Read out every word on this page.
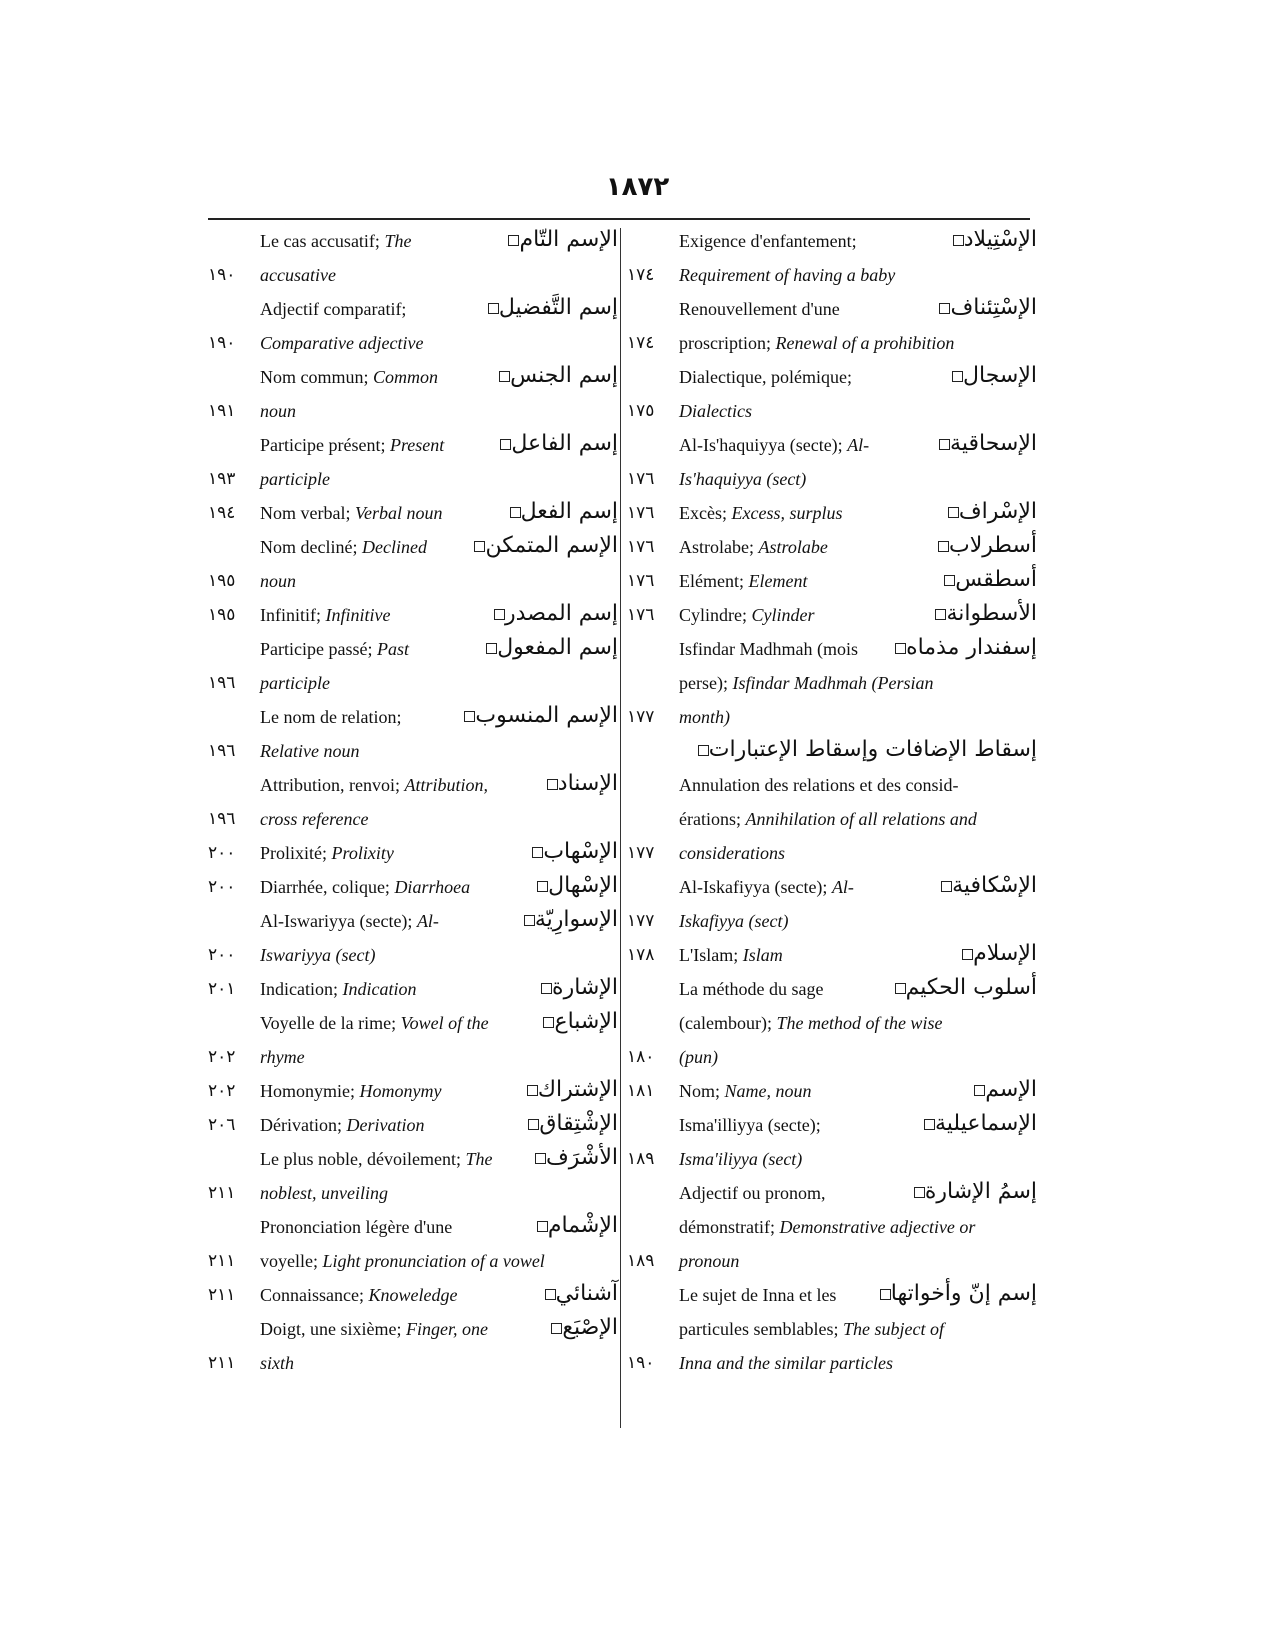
١٨٧٢
Le cas accusatif; The	الإسم التّام
١٩٠	accusative
Adjectif comparatif;	إسم التَّفضيل
١٩٠	Comparative adjective
Nom commun; Common	إسم الجنس
١٩١	noun
Participe présent; Present	إسم الفاعل
١٩٣	participle
١٩٤	Nom verbal; Verbal noun	إسم الفعل
Nom decliné; Declined	الإسم المتمكن
١٩٥	noun
١٩٥	Infinitif; Infinitive	إسم المصدر
Participe passé; Past	إسم المفعول
١٩٦	participle
Le nom de relation;	الإسم المنسوب
١٩٦	Relative noun
Attribution, renvoi; Attribution,	الإسناد
١٩٦	cross reference
٢٠٠	Prolixité; Prolixity	الإسْهاب
٢٠٠	Diarrhée, colique; Diarrhoea	الإسْهال
Al-Iswariyya (secte); Al-	الإسوارِيّة
٢٠٠	Iswariyya (sect)
٢٠١	Indication; Indication	الإشارة
Voyelle de la rime; Vowel of the	الإشباع
٢٠٢	rhyme
٢٠٢	Homonymie; Homonymy	الإشتراك
٢٠٦	Dérivation; Derivation	الإشْتِقاق
Le plus noble, dévoilement; The	الأشْرَف
٢١١	noblest, unveiling
Prononciation légère d'une	الإشْمام
٢١١	voyelle; Light pronunciation of a vowel
٢١١	Connaissance; Knoweledge	آشنائي
Doigt, une sixième; Finger, one	الإصْبَع
٢١١	sixth
Exigence d'enfantement;	الإسْتِيلاد
١٧٤	Requirement of having a baby
Renouvellement d'une	الإسْتِئناف
١٧٤	proscription; Renewal of a prohibition
Dialectique, polémique;	الإسجال
١٧٥	Dialectics
Al-Is'haquiyya (secte); Al-	الإسحاقية
١٧٦	Is'haquiyya (sect)
١٧٦	Excès; Excess, surplus	الإسْراف
١٧٦	Astrolabe; Astrolabe	أسطرلاب
١٧٦	Elément; Element	أسطقس
١٧٦	Cylindre; Cylinder	الأسطوانة
Isfindar Madhmah (mois	إسفندار مذماه
perse); Isfindar Madhmah (Persian
١٧٧	month)
إسقاط الإضافات وإسقاط الإعتبارات
Annulation des relations et des consid-
érations; Annihilation of all relations and
١٧٧	considerations
Al-Iskafiyya (secte); Al-	الإسْكافية
١٧٧	Iskafiyya (sect)
١٧٨	L'Islam; Islam	الإسلام
La méthode du sage	أسلوب الحكيم
(calembour); The method of the wise
١٨٠	(pun)
١٨١	Nom; Name, noun	الإسم
Isma'illiyya (secte);	الإسماعيلية
١٨٩	Isma'iliyya (sect)
Adjectif ou pronom,	إسمُ الإشارة
démonstratif; Demonstrative adjective or
١٨٩	pronoun
Le sujet de Inna et les	إسم إنّ وأخواتها
particules semblables; The subject of
١٩٠	Inna and the similar particles
